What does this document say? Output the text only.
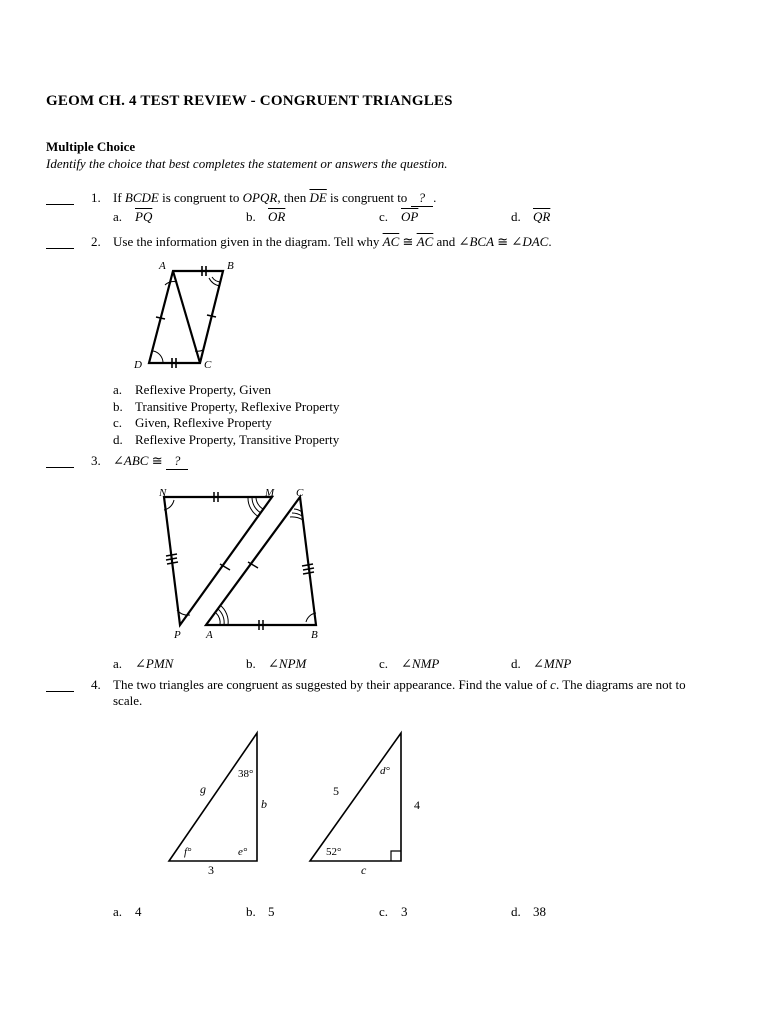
GEOM CH. 4 TEST REVIEW - CONGRUENT TRIANGLES
Multiple Choice
Identify the choice that best completes the statement or answers the question.
1. If BCDE is congruent to OPQR, then $\overline{DE}$ is congruent to ? .
a. $\overline{PQ}$	b. $\overline{OR}$	c. $\overline{OP}$	d. $\overline{QR}$
2. Use the information given in the diagram. Tell why $\overline{AC}$ ≅ $\overline{AC}$ and ∠BCA ≅ ∠DAC.
A	B
C
D
a. Reflexive Property, Given
b. Transitive Property, Reflexive Property
c. Given, Reflexive Property
d. Reflexive Property, Transitive Property
3. ∠ABC ≅ ?
N	M C
P A	B
a. ∠PMN	b. ∠NPM	c. ∠NMP	d. ∠MNP
4. The two triangles are congruent as suggested by their appearance. Find the value of c. The diagrams are not to
scale.
g
38°
b
f°	e°
3
5
d°
4
52°
c
a. 4	b. 5	c. 3	d. 38
